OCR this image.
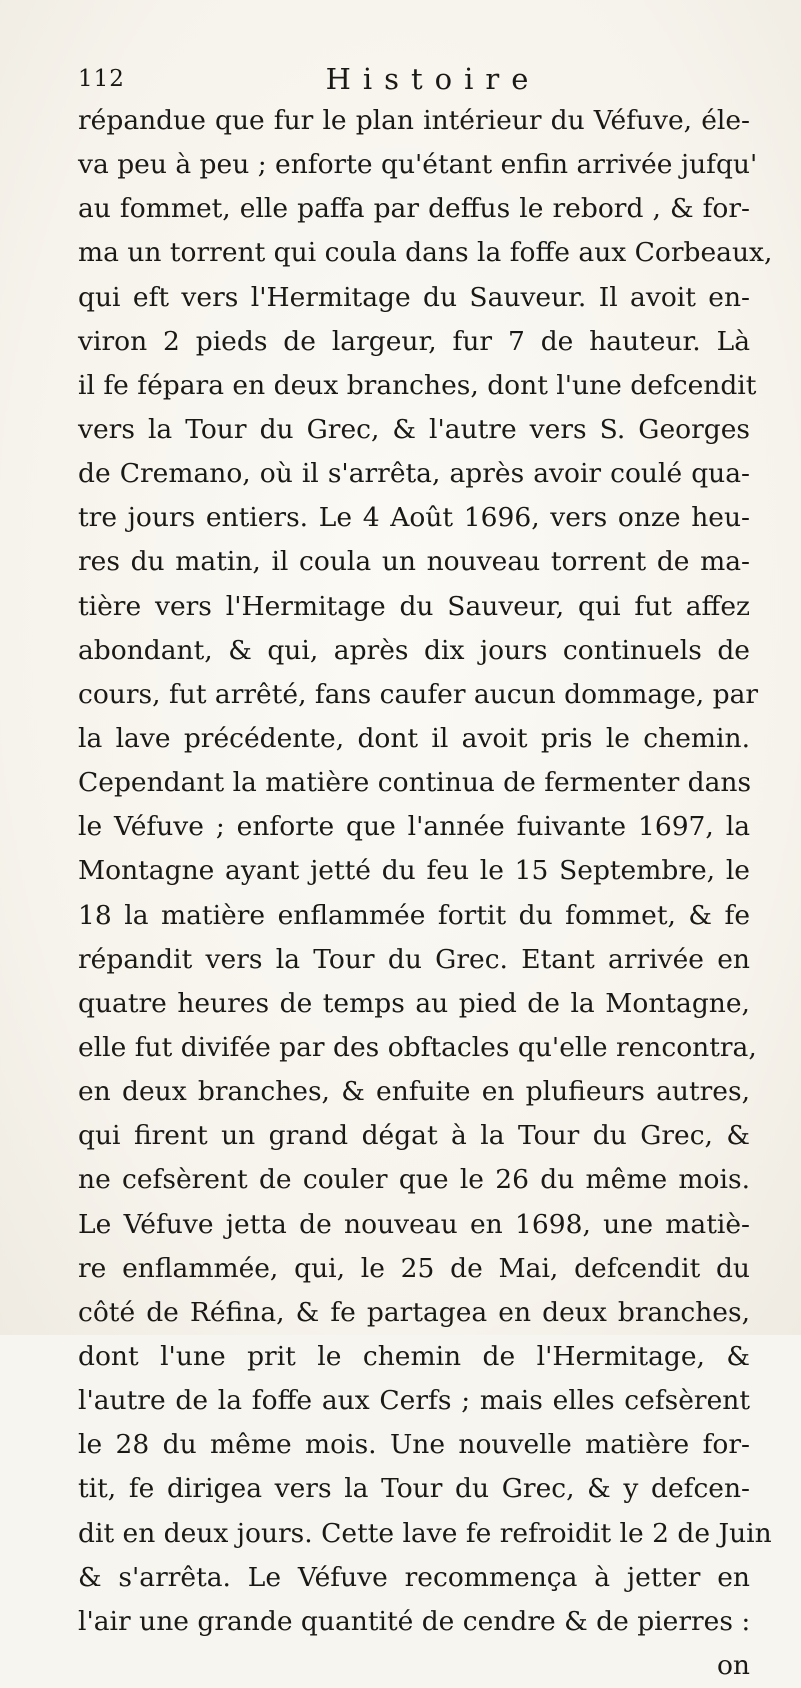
112	Histoire
répandue que fur le plan intérieur du Véfuve, éle-
va peu à peu ; enforte qu'étant enfin arrivée jufqu'
au fommet, elle paffa par deffus le rebord , & for-
ma un torrent qui coula dans la foffe aux Corbeaux,
qui eft vers l'Hermitage du Sauveur. Il avoit en-
viron 2 pieds de largeur, fur 7 de hauteur. Là
il fe fépara en deux branches, dont l'une defcendit
vers la Tour du Grec, & l'autre vers S. Georges
de Cremano, où il s'arrêta, après avoir coulé qua-
tre jours entiers. Le 4 Août 1696, vers onze heu-
res du matin, il coula un nouveau torrent de ma-
tière vers l'Hermitage du Sauveur, qui fut affez
abondant, & qui, après dix jours continuels de
cours, fut arrêté, fans caufer aucun dommage, par
la lave précédente, dont il avoit pris le chemin.
Cependant la matière continua de fermenter dans
le Véfuve ; enforte que l'année fuivante 1697, la
Montagne ayant jetté du feu le 15 Septembre, le
18 la matière enflammée fortit du fommet, & fe
répandit vers la Tour du Grec. Etant arrivée en
quatre heures de temps au pied de la Montagne,
elle fut divifée par des obftacles qu'elle rencontra,
en deux branches, & enfuite en plufieurs autres,
qui firent un grand dégat à la Tour du Grec, &
ne cefsèrent de couler que le 26 du même mois.
Le Véfuve jetta de nouveau en 1698, une matiè-
re enflammée, qui, le 25 de Mai, defcendit du
côté de Réfina, & fe partagea en deux branches,
dont l'une prit le chemin de l'Hermitage, &
l'autre de la foffe aux Cerfs ; mais elles cefsèrent
le 28 du même mois. Une nouvelle matière for-
tit, fe dirigea vers la Tour du Grec, & y defcen-
dit en deux jours. Cette lave fe refroidit le 2 de Juin
& s'arrêta. Le Véfuve recommença à jetter en
l'air une grande quantité de cendre & de pierres :
on
